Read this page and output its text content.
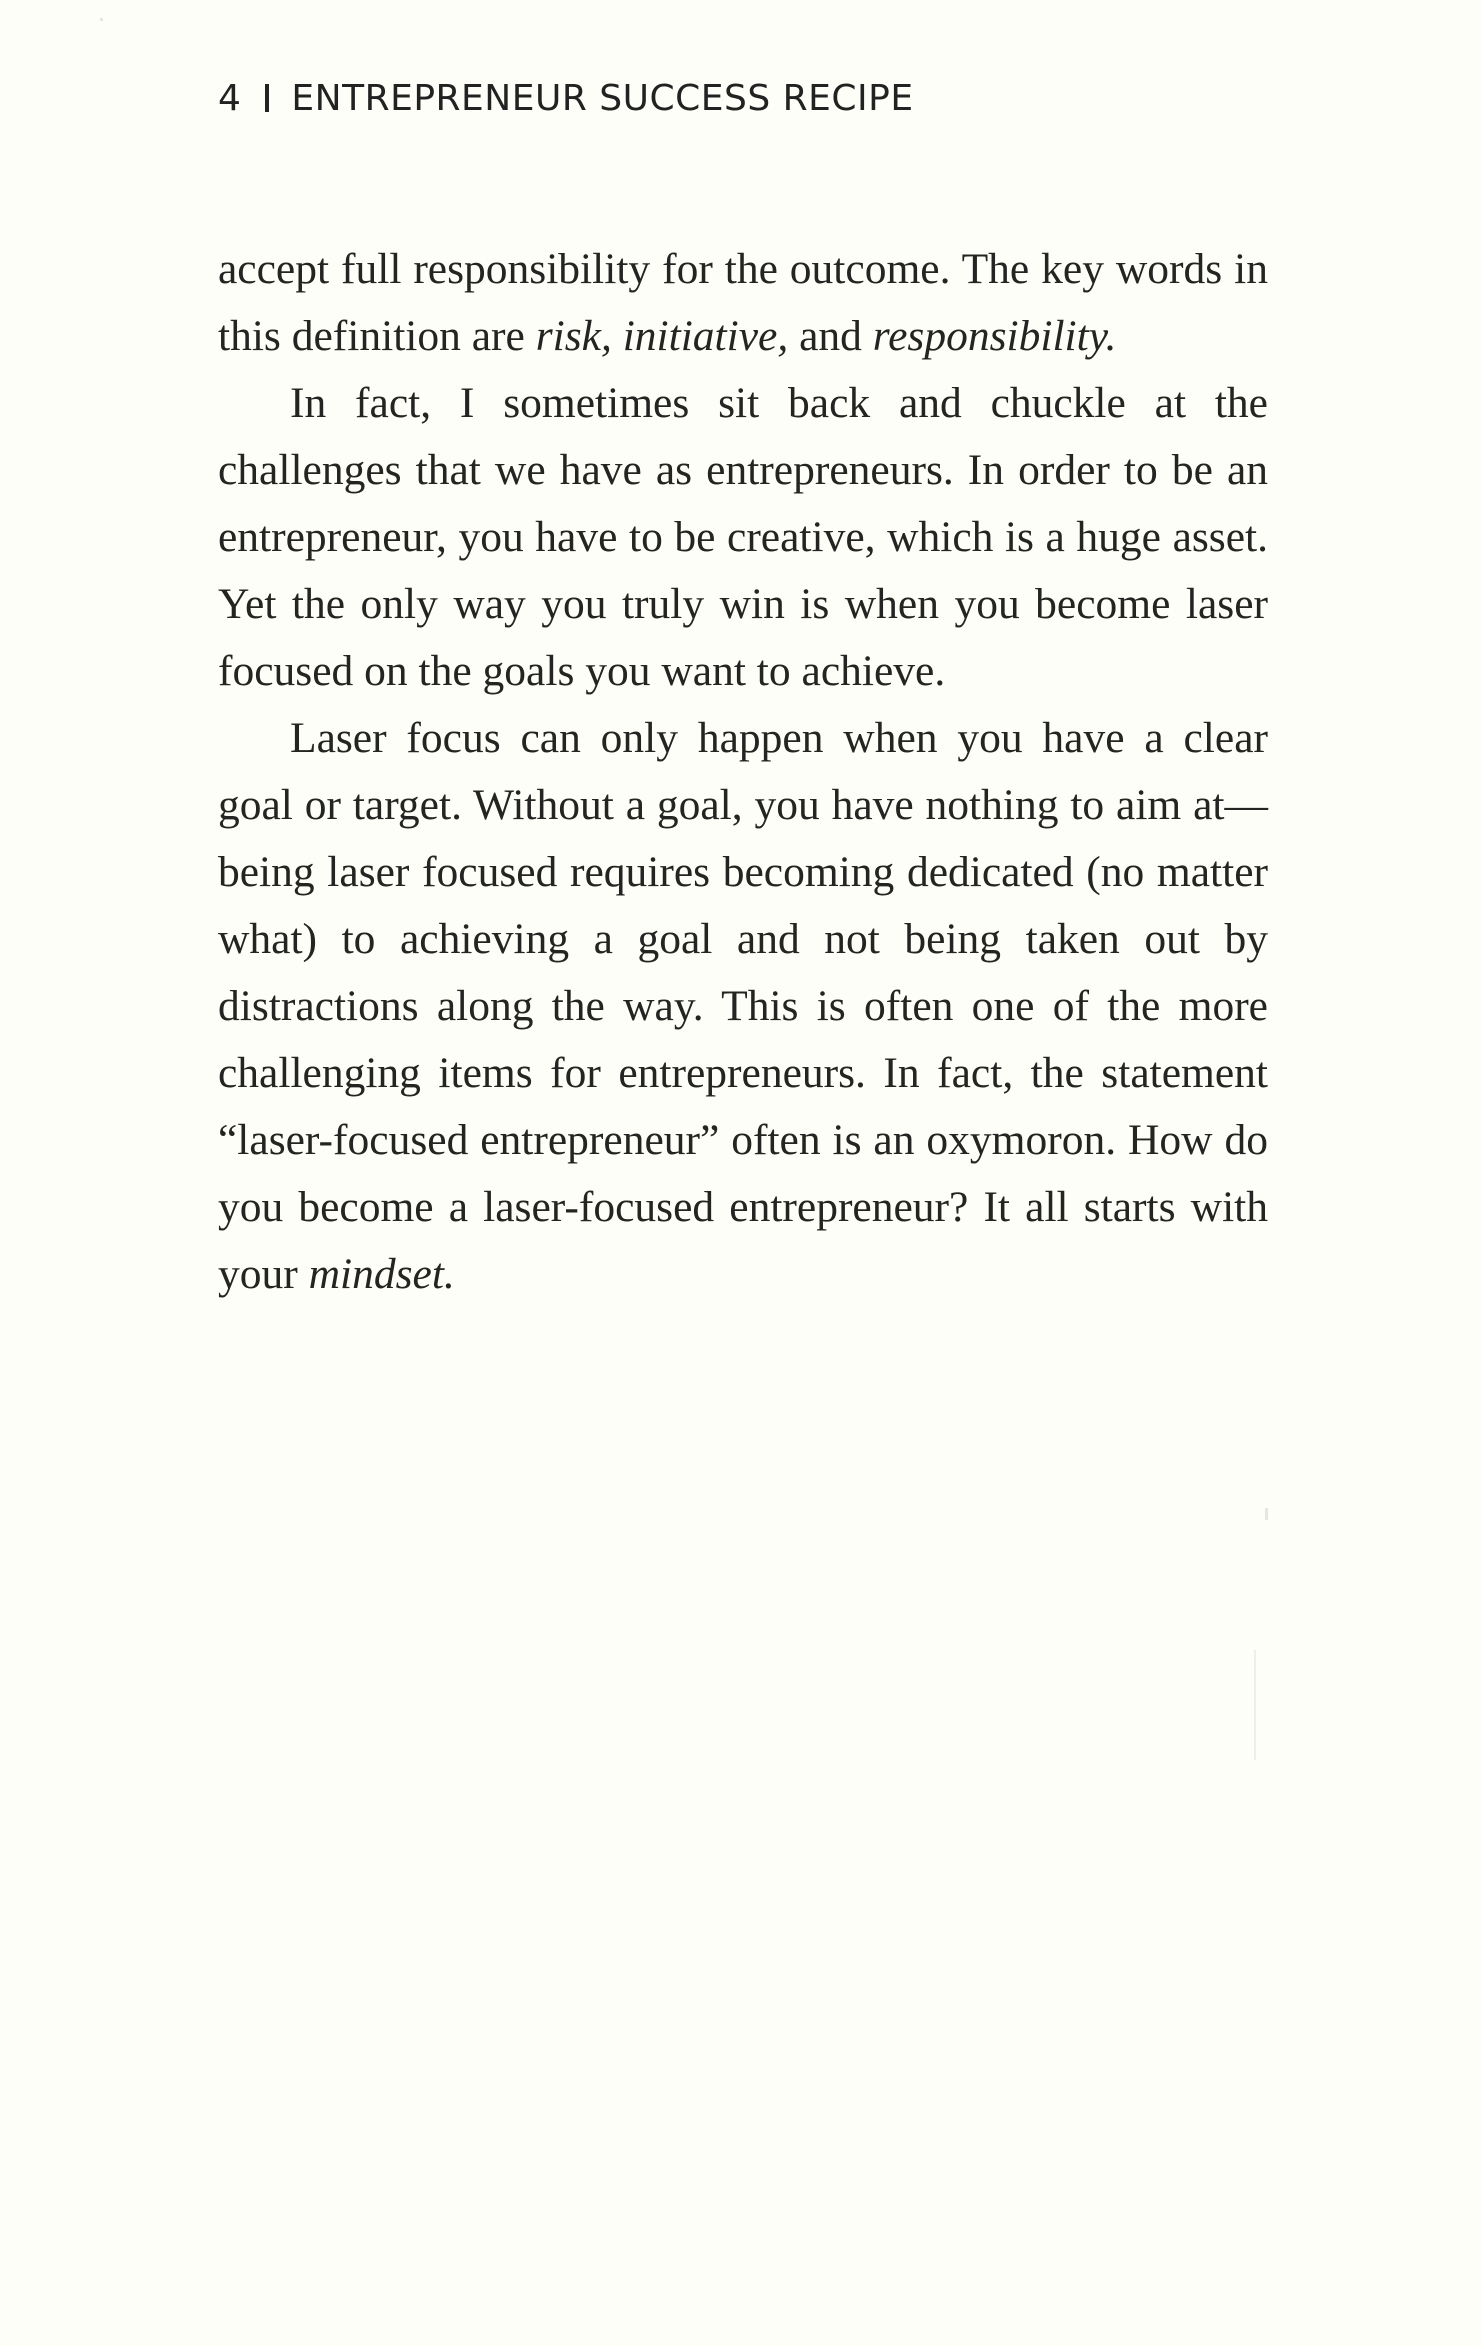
4 ENTREPRENEUR SUCCESS RECIPE

accept full responsibility for the outcome. The key words in this definition are risk, initiative, and responsibility.

In fact, I sometimes sit back and chuckle at the challenges that we have as entrepreneurs. In order to be an entrepreneur, you have to be creative, which is a huge asset. Yet the only way you truly win is when you become laser focused on the goals you want to achieve.

Laser focus can only happen when you have a clear goal or target. Without a goal, you have nothing to aim at—being laser focused requires becoming dedicated (no matter what) to achieving a goal and not being taken out by distractions along the way. This is often one of the more challenging items for entrepreneurs. In fact, the statement “laser-focused entrepreneur” often is an oxymoron. How do you become a laser-focused entrepreneur? It all starts with your mindset.
